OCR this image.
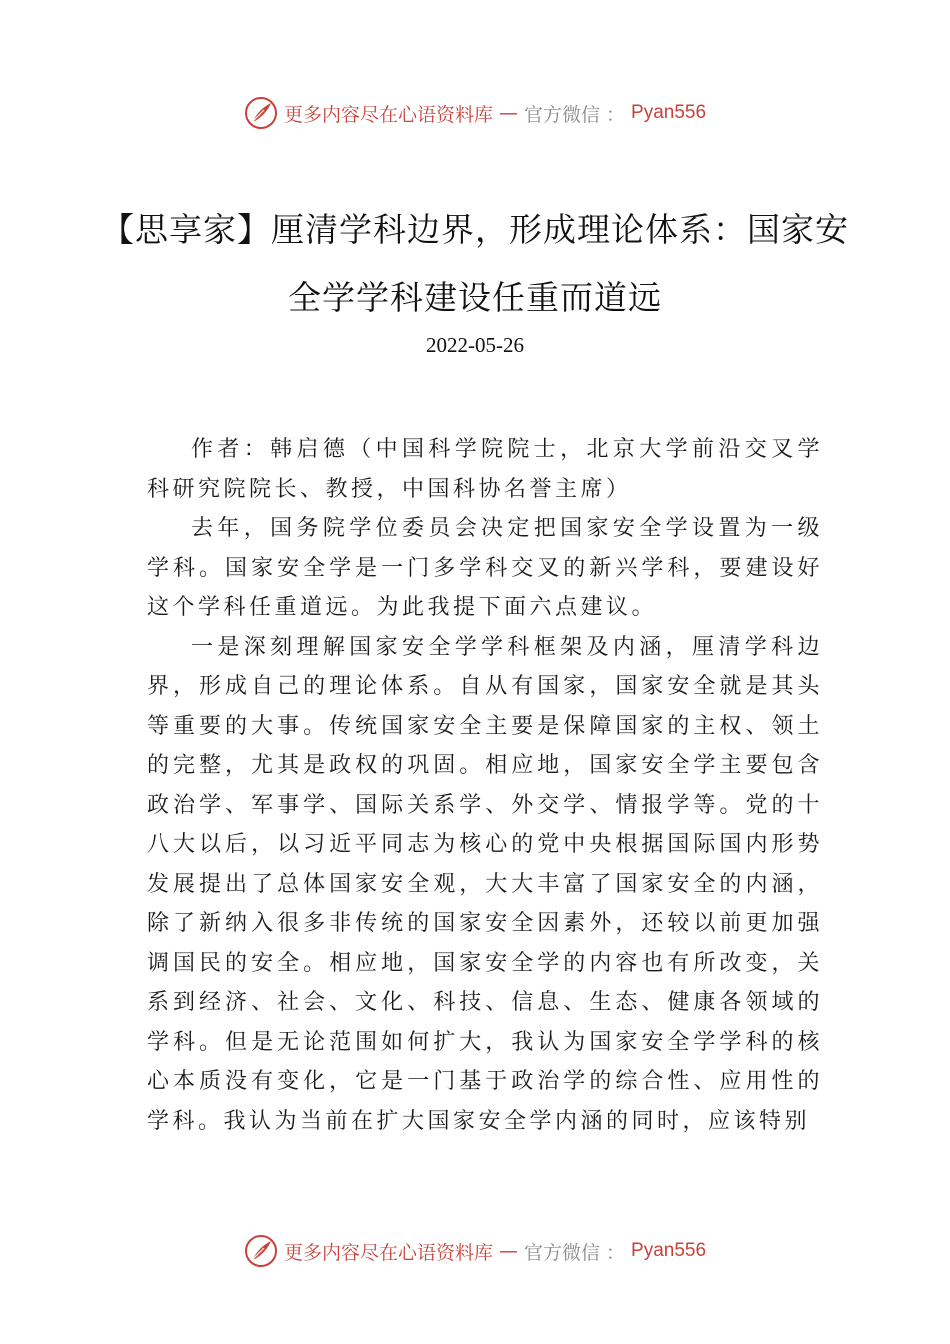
更多内容尽在心语资料库 — 官方微信 ： Pyan556
【思享家】厘清学科边界，形成理论体系：国家安全学学科建设任重而道远
2022-05-26

作者：韩启德（中国科学院院士，北京大学前沿交叉学科研究院院长、教授，中国科协名誉主席）

去年，国务院学位委员会决定把国家安全学设置为一级学科。国家安全学是一门多学科交叉的新兴学科，要建设好这个学科任重道远。为此我提下面六点建议。

一是深刻理解国家安全学学科框架及内涵，厘清学科边界，形成自己的理论体系。自从有国家，国家安全就是其头等重要的大事。传统国家安全主要是保障国家的主权、领土的完整，尤其是政权的巩固。相应地，国家安全学主要包含政治学、军事学、国际关系学、外交学、情报学等。党的十八大以后，以习近平同志为核心的党中央根据国际国内形势发展提出了总体国家安全观，大大丰富了国家安全的内涵， 除了新纳入很多非传统的国家安全因素外，还较以前更加强调国民的安全。相应地，国家安全学的内容也有所改变，关系到经济、社会、文化、科技、信息、生态、健康各领域的学科。但是无论范围如何扩大，我认为国家安全学学科的核心本质没有变化，它是一门基于政治学的综合性、应用性的学科。我认为当前在扩大国家安全学内涵的同时，应该特别

更多内容尽在心语资料库 — 官方微信 ： Pyan556
